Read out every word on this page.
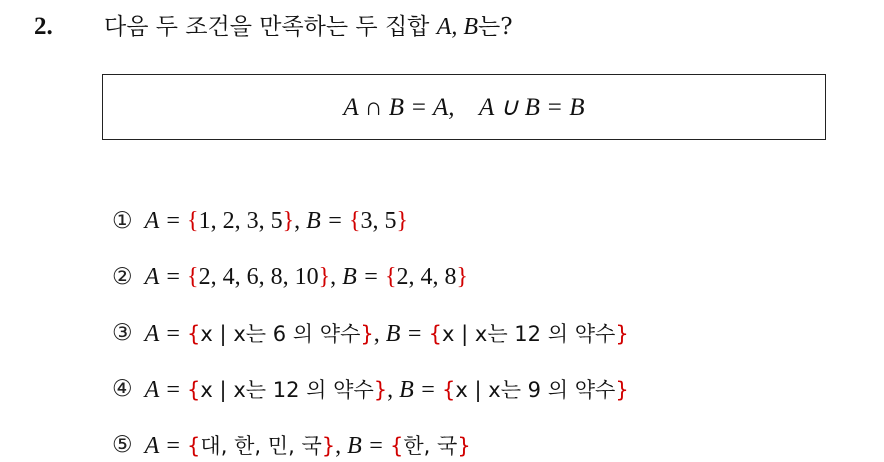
2. 다음 두 조건을 만족하는 두 집합 A, B는?
A ∩ B = A,    A ∪ B = B
① A = {1, 2, 3, 5}, B = {3, 5}
② A = {2, 4, 6, 8, 10}, B = {2, 4, 8}
③ A = {x | x는 6 의 약수}, B = {x | x는 12 의 약수}
④ A = {x | x는 12 의 약수}, B = {x | x는 9 의 약수}
⑤ A = {대, 한, 민, 국}, B = {한, 국}
